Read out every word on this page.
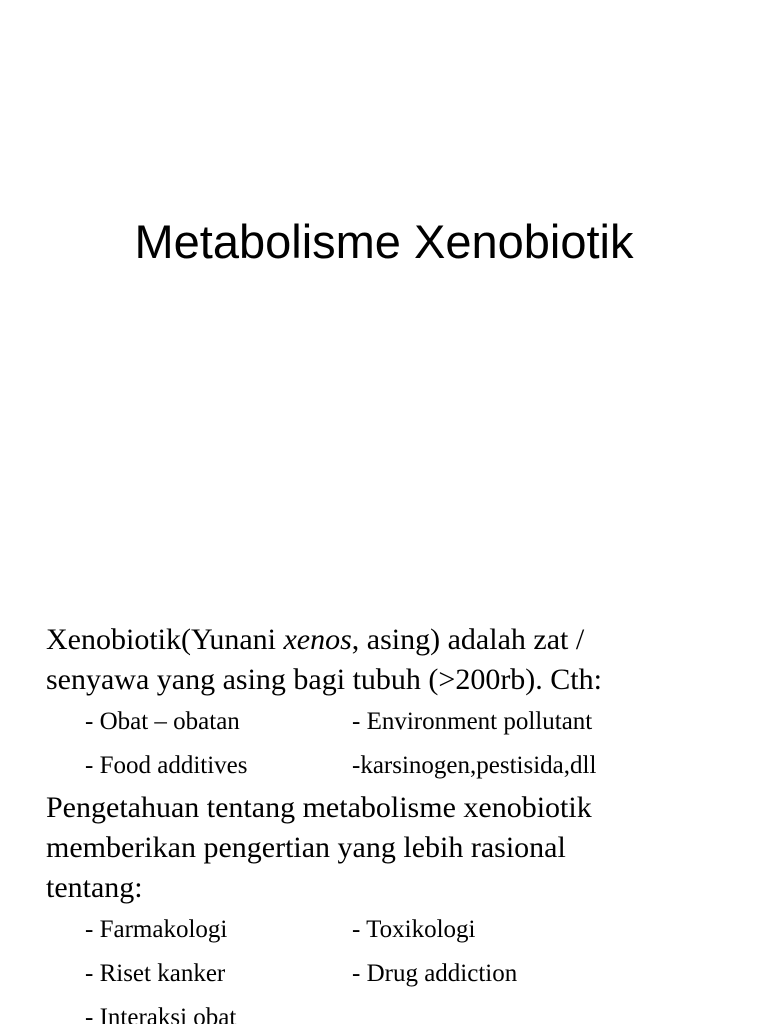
Metabolisme Xenobiotik
Xenobiotik(Yunani xenos, asing) adalah zat /
senyawa yang asing bagi tubuh (>200rb). Cth:
- Obat – obatan	- Environment pollutant
- Food additives	-karsinogen,pestisida,dll
Pengetahuan tentang metabolisme xenobiotik
memberikan pengertian yang lebih rasional
tentang:
- Farmakologi	- Toxikologi
- Riset kanker	- Drug addiction
- Interaksi obat
